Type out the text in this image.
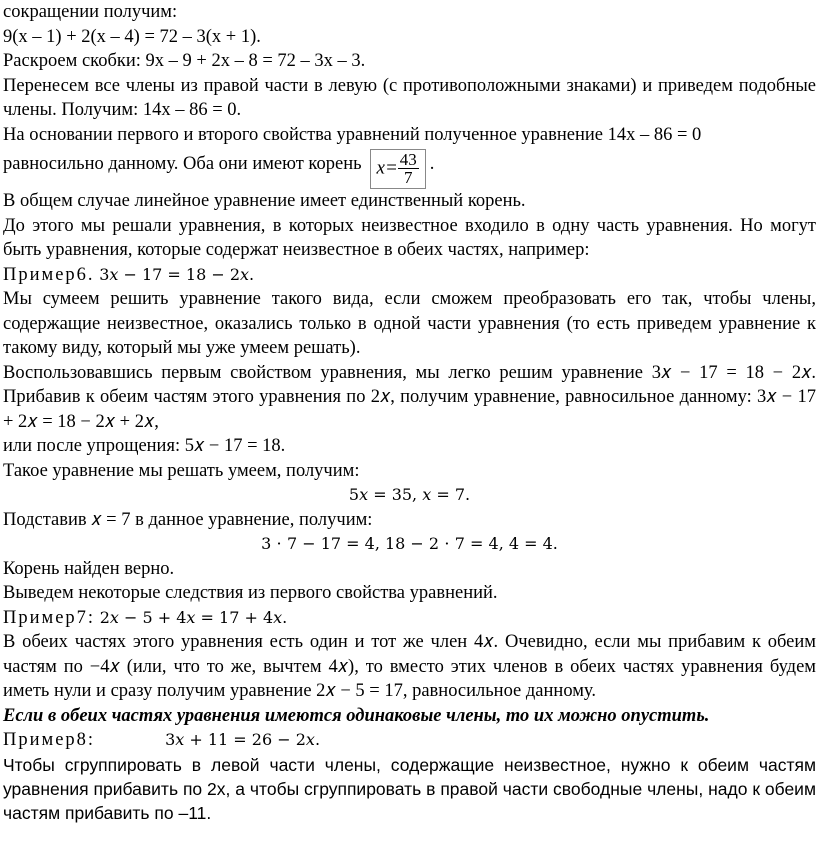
сокращении получим:

9(x – 1) + 2(x – 4) = 72 – 3(x + 1).

Раскроем скобки: 9x – 9 + 2x – 8 = 72 – 3x – 3.

Перенесем все члены из правой части в левую (с противоположными знаками) и приведем подобные члены. Получим: 14x – 86 = 0.

На основании первого и второго свойства уравнений полученное уравнение 14x – 86 = 0

равносильно данному. Оба они имеют корень $x= \frac{43}{7}$ .

В общем случае линейное уравнение имеет единственный корень.

До этого мы решали уравнения, в которых неизвестное входило в одну часть уравнения. Но могут быть уравнения, которые содержат неизвестное в обеих частях, например:

Пример6. 3𝑥 − 17 = 18 − 2𝑥.

Мы сумеем решить уравнение такого вида, если сможем преобразовать его так, чтобы члены, содержащие неизвестное, оказались только в одной части уравнения (то есть приведем уравнение к такому виду, который мы уже умеем решать).

Воспользовавшись первым свойством уравнения, мы легко решим уравнение 3𝑥 − 17 = 18 − 2𝑥. Прибавив к обеим частям этого уравнения по 2𝑥, получим уравнение, равносильное данному: 3𝑥 − 17 + 2𝑥 = 18 − 2𝑥 + 2𝑥,

или после упрощения: 5𝑥 − 17 = 18.

Такое уравнение мы решать умеем, получим:

5𝑥 = 35, 𝑥 = 7.

Подставив 𝑥 = 7 в данное уравнение, получим:

3 ⋅ 7 − 17 = 4, 18 − 2 ⋅ 7 = 4, 4 = 4.

Корень найден верно.

Выведем некоторые следствия из первого свойства уравнений.

Пример7: 2𝑥 − 5 + 4𝑥 = 17 + 4𝑥.

В обеих частях этого уравнения есть один и тот же член 4𝑥. Очевидно, если мы прибавим к обеим частям по −4𝑥 (или, что то же, вычтем 4𝑥), то вместо этих членов в обеих частях уравнения будем иметь нули и сразу получим уравнение 2𝑥 − 5 = 17, равносильное данному.

Если в обеих частях уравнения имеются одинаковые члены, то их можно опустить.

Пример8:	3𝑥 + 11 = 26 − 2𝑥.

Чтобы сгруппировать в левой части члены, содержащие неизвестное, нужно к обеим частям уравнения прибавить по 2x, а чтобы сгруппировать в правой части свободные члены, надо к обеим частям прибавить по –11.
